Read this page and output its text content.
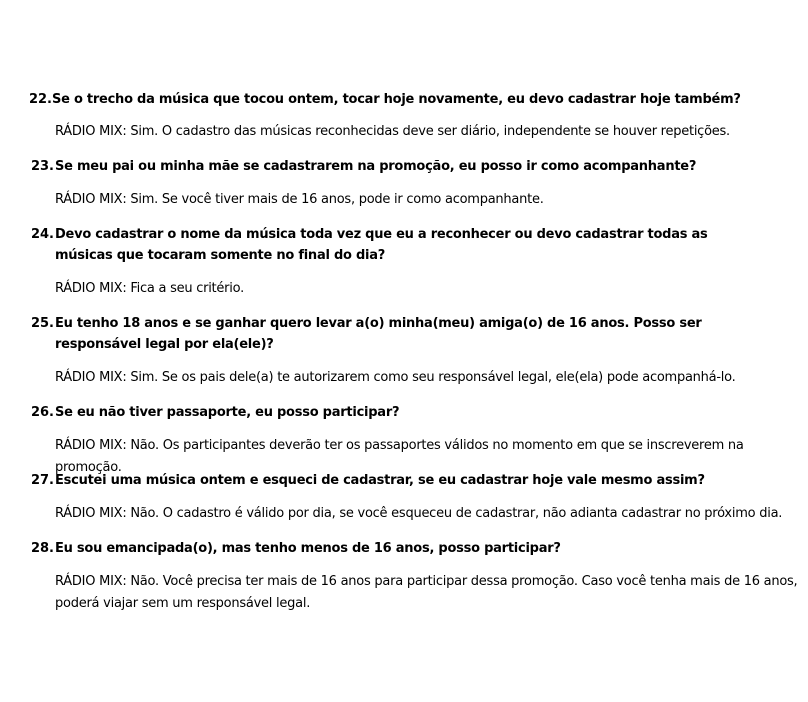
22. Se o trecho da música que tocou ontem, tocar hoje novamente, eu devo cadastrar hoje também?
RÁDIO MIX: Sim. O cadastro das músicas reconhecidas deve ser diário, independente se houver repetições.
23. Se meu pai ou minha mãe se cadastrarem na promoção, eu posso ir como acompanhante?
RÁDIO MIX: Sim. Se você tiver mais de 16 anos, pode ir como acompanhante.
24. Devo cadastrar o nome da música toda vez que eu a reconhecer ou devo cadastrar todas as músicas que tocaram somente no final do dia?
RÁDIO MIX: Fica a seu critério.
25. Eu tenho 18 anos e se ganhar quero levar a(o) minha(meu) amiga(o) de 16 anos. Posso ser responsável legal por ela(ele)?
RÁDIO MIX: Sim. Se os pais dele(a) te autorizarem como seu responsável legal, ele(ela) pode acompanhá-lo.
26. Se eu não tiver passaporte, eu posso participar?
RÁDIO MIX: Não. Os participantes deverão ter os passaportes válidos no momento em que se inscreverem na promoção.
27. Escutei uma música ontem e esqueci de cadastrar, se eu cadastrar hoje vale mesmo assim?
RÁDIO MIX: Não. O cadastro é válido por dia, se você esqueceu de cadastrar, não adianta cadastrar no próximo dia.
28. Eu sou emancipada(o), mas tenho menos de 16 anos, posso participar?
RÁDIO MIX: Não. Você precisa ter mais de 16 anos para participar dessa promoção. Caso você tenha mais de 16 anos, poderá viajar sem um responsável legal.
